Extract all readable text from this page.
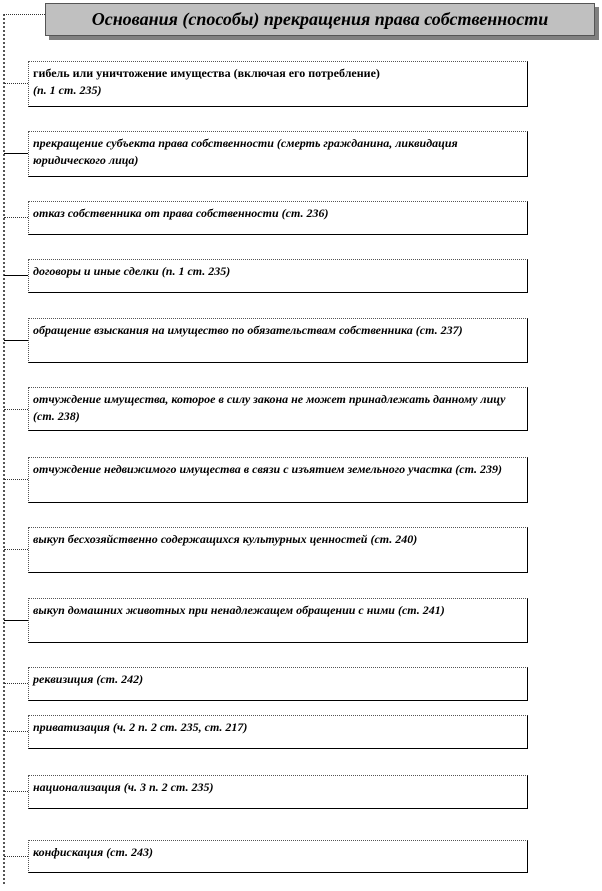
Основания (способы) прекращения права собственности
гибель или уничтожение имущества (включая его потребление)
(п. 1 ст. 235)
прекращение субъекта права собственности (смерть гражданина, ликвидация юридического лица)
отказ собственника от права собственности (ст. 236)
договоры и иные сделки (п. 1 ст. 235)
обращение взыскания на имущество по обязательствам собственника (ст. 237)
отчуждение имущества, которое в силу закона не может принадлежать данному лицу (ст. 238)
отчуждение недвижимого имущества в связи с изъятием земельного участка (ст. 239)
выкуп бесхозяйственно содержащихся культурных ценностей (ст. 240)
выкуп домашних животных при ненадлежащем обращении с ними (ст. 241)
реквизиция (ст. 242)
приватизация (ч. 2 п. 2 ст. 235, ст. 217)
национализация (ч. 3 п. 2 ст. 235)
конфискация (ст. 243)
